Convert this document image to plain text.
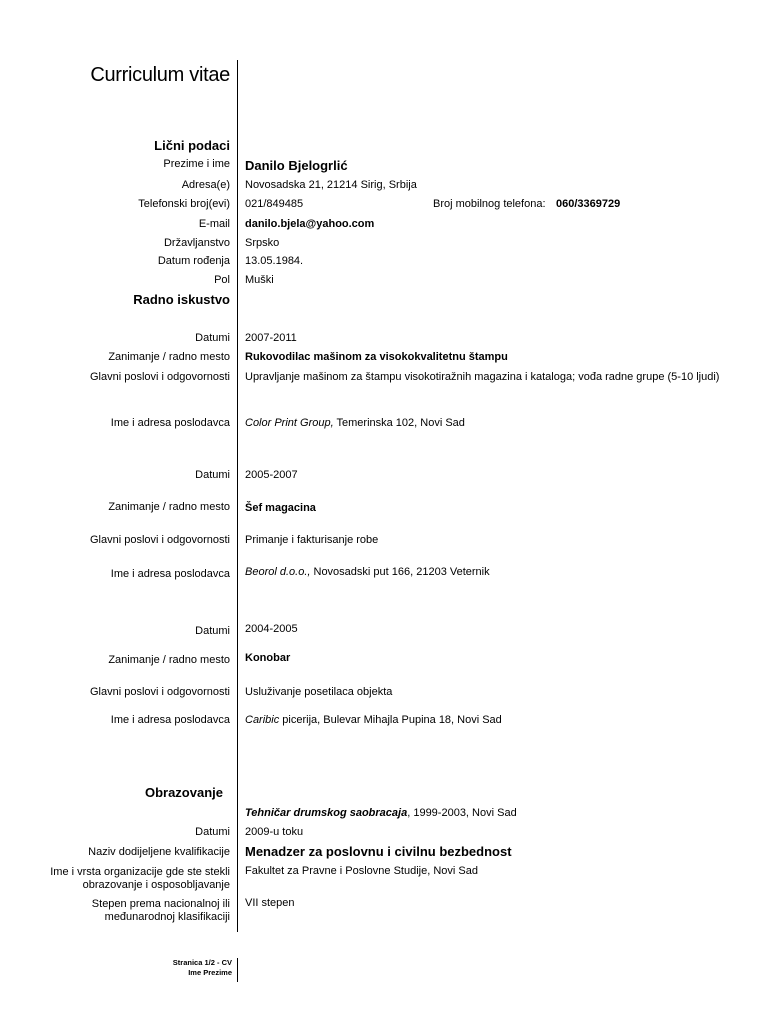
Curriculum vitae
Lični podaci
Prezime i ime Danilo Bjelogrlić
Adresa(e) Novosadska 21, 21214 Sirig, Srbija
Telefonski broj(evi) 021/849485	Broj mobilnog telefona: 060/3369729
E-mail danilo.bjela@yahoo.com
Državljanstvo Srpsko
Datum rođenja 13.05.1984.
Pol Muški
Radno iskustvo
Datumi 2007-2011
Zanimanje / radno mesto Rukovodilac mašinom za visokokvalitetnu štampu
Glavni poslovi i odgovornosti Upravljanje mašinom za štampu visokotiražnih magazina i kataloga; vođa radne grupe (5-10 ljudi)
Ime i adresa poslodavca Color Print Group, Temerinska 102, Novi Sad
Datumi 2005-2007
Zanimanje / radno mesto Šef magacina
Glavni poslovi i odgovornosti Primanje i fakturisanje robe
Ime i adresa poslodavca Beorol d.o.o., Novosadski put 166, 21203 Veternik
Datumi 2004-2005
Zanimanje / radno mesto Konobar
Glavni poslovi i odgovornosti Usluživanje posetilaca objekta
Ime i adresa poslodavca Caribic picerija, Bulevar Mihajla Pupina 18, Novi Sad
Obrazovanje
Tehničar drumskog saobracaja, 1999-2003, Novi Sad
Datumi 2009-u toku
Naziv dodijeljene kvalifikacije Menadzer za poslovnu i civilnu bezbednost
Ime i vrsta organizacije gde ste stekli
obrazovanje i osposobljavanje
Fakultet za Pravne i Poslovne Studije, Novi Sad
Stepen prema nacionalnoj ili
međunarodnoj klasifikaciji
VII stepen
Stranica 1/2 - CV
Ime Prezime
